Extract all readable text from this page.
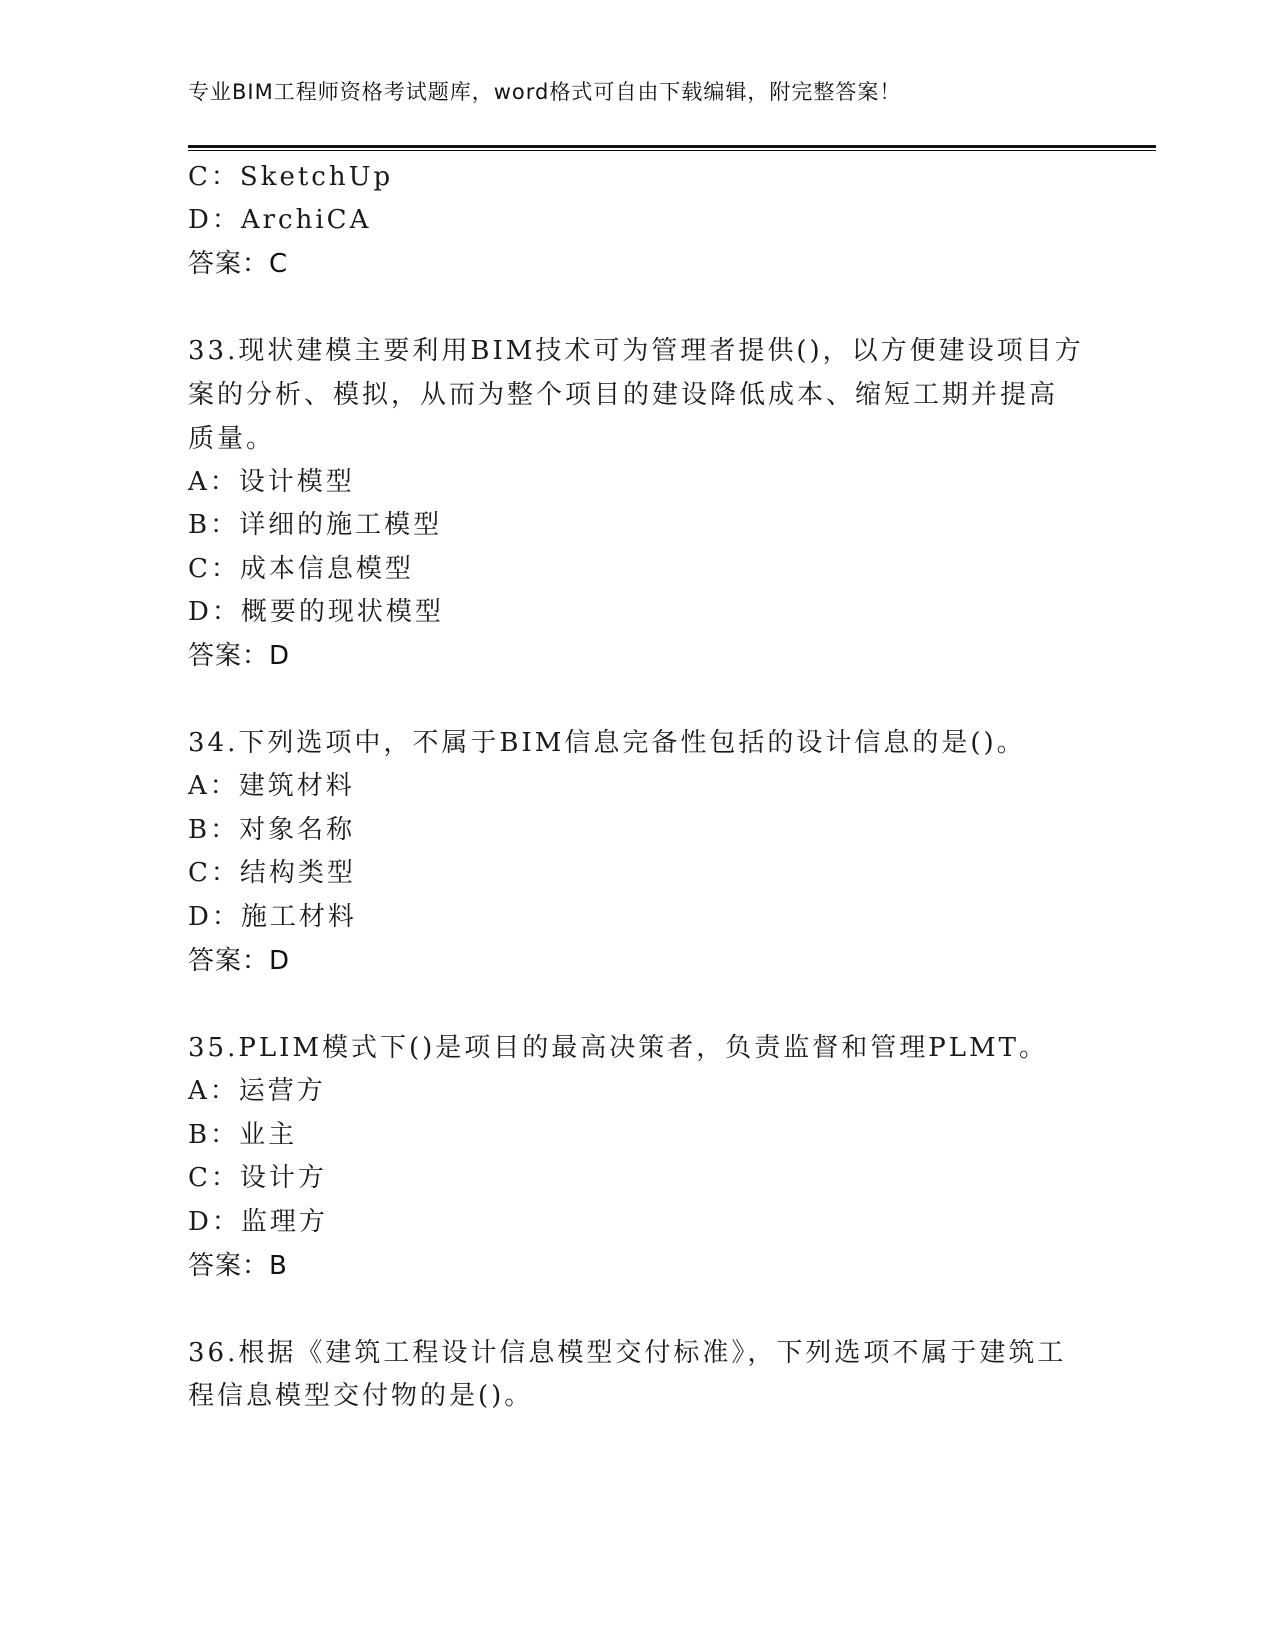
专业BIM工程师资格考试题库，word格式可自由下载编辑，附完整答案！
C：SketchUp
D：ArchiCA
答案：C
33.现状建模主要利用BIM技术可为管理者提供()，以方便建设项目方
案的分析、模拟，从而为整个项目的建设降低成本、缩短工期并提高
质量。
A：设计模型
B：详细的施工模型
C：成本信息模型
D：概要的现状模型
答案：D
34.下列选项中，不属于BIM信息完备性包括的设计信息的是()。
A：建筑材料
B：对象名称
C：结构类型
D：施工材料
答案：D
35.PLIM模式下()是项目的最高决策者，负责监督和管理PLMT。
A：运营方
B：业主
C：设计方
D：监理方
答案：B
36.根据《建筑工程设计信息模型交付标准》，下列选项不属于建筑工
程信息模型交付物的是()。
